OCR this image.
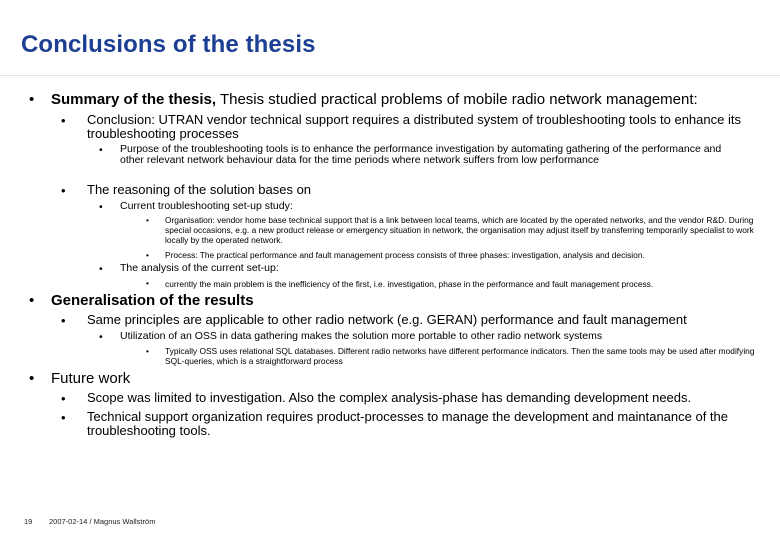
Conclusions of the thesis
• Summary of the thesis, Thesis studied practical problems of mobile radio network management:
• Conclusion: UTRAN vendor technical support requires a distributed system of troubleshooting tools to enhance its troubleshooting processes
• Purpose of the troubleshooting tools is to enhance the performance investigation by automating gathering of the performance and other relevant network behaviour data for the time periods where network suffers from low performance
• The reasoning of the solution bases on
• Current troubleshooting set-up study:
• Organisation: vendor home base technical support that is a link between local teams, which are located by the operated networks, and the vendor R&D. During special occasions, e.g. a new product release or emergency situation in network, the organisation may adjust itself by transferring temporarily specialist to work locally by the operated network.
• Process: The practical performance and fault management process consists of three phases: investigation, analysis and decision.
• The analysis of the current set-up:
• currently the main problem is the inefficiency of the first, i.e. investigation, phase in the performance and fault management process.
• Generalisation of the results
• Same principles are applicable to other radio network (e.g. GERAN) performance and fault management
• Utilization of an OSS in data gathering makes the solution more portable to other radio network systems
• Typically OSS uses relational SQL databases. Different radio networks have different performance indicators. Then the same tools may be used after modifying SQL-queries, which is a straightforward process
• Future work
• Scope was limited to investigation. Also the complex analysis-phase has demanding development needs.
• Technical support organization requires product-processes to manage the development and maintanance of the troubleshooting tools.
19 2007-02-14 / Magnus Wallström
